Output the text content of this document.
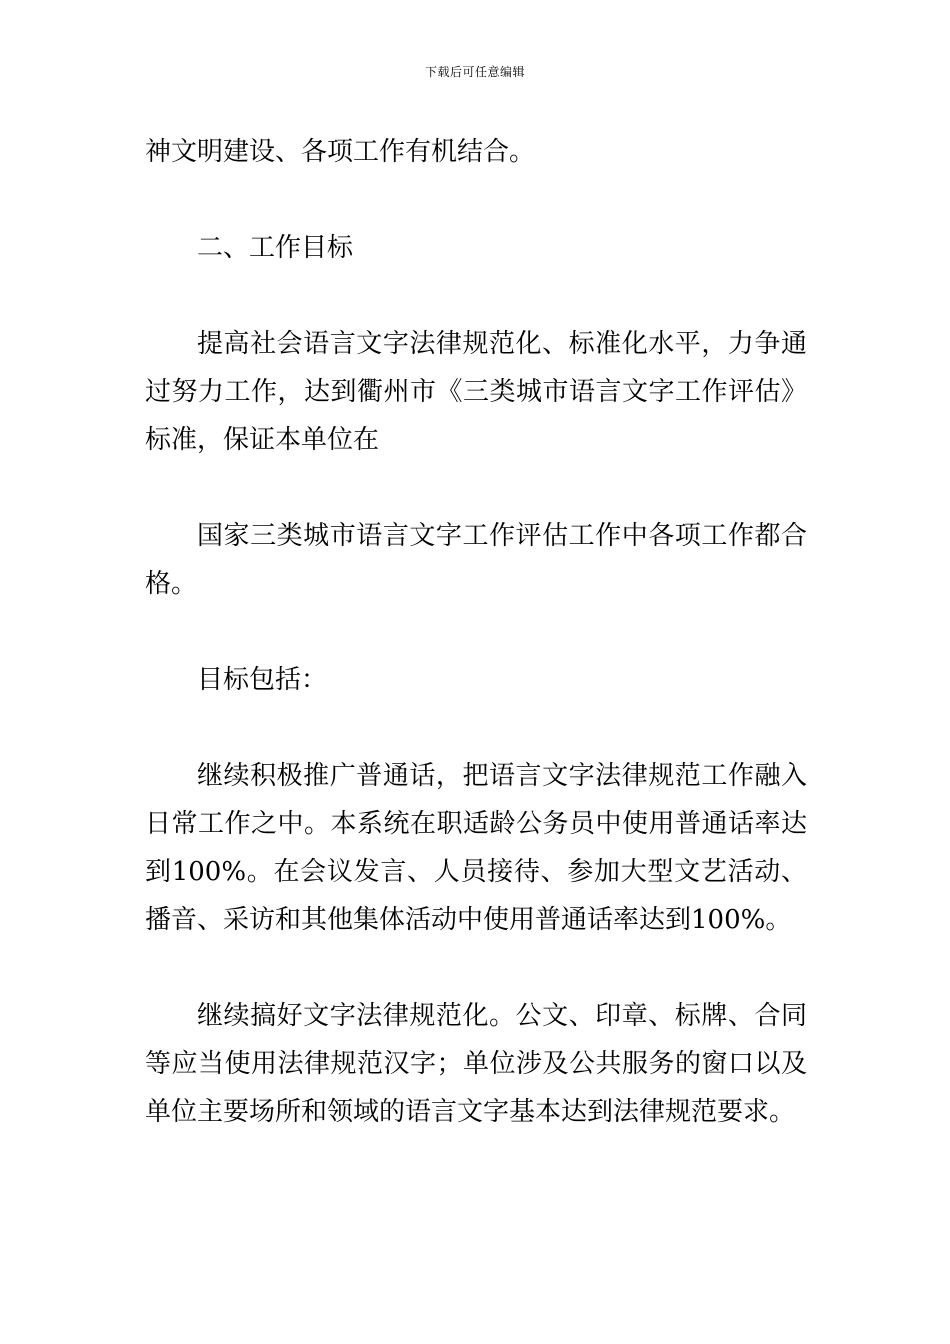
下载后可任意编辑

神文明建设、各项工作有机结合。

二、工作目标

提高社会语言文字法律规范化、标准化水平，力争通过努力工作，达到衢州市《三类城市语言文字工作评估》标准，保证本单位在

国家三类城市语言文字工作评估工作中各项工作都合格。

目标包括：

继续积极推广普通话，把语言文字法律规范工作融入日常工作之中。本系统在职适龄公务员中使用普通话率达到100%。在会议发言、人员接待、参加大型文艺活动、播音、采访和其他集体活动中使用普通话率达到100%。

继续搞好文字法律规范化。公文、印章、标牌、合同等应当使用法律规范汉字；单位涉及公共服务的窗口以及单位主要场所和领域的语言文字基本达到法律规范要求。
